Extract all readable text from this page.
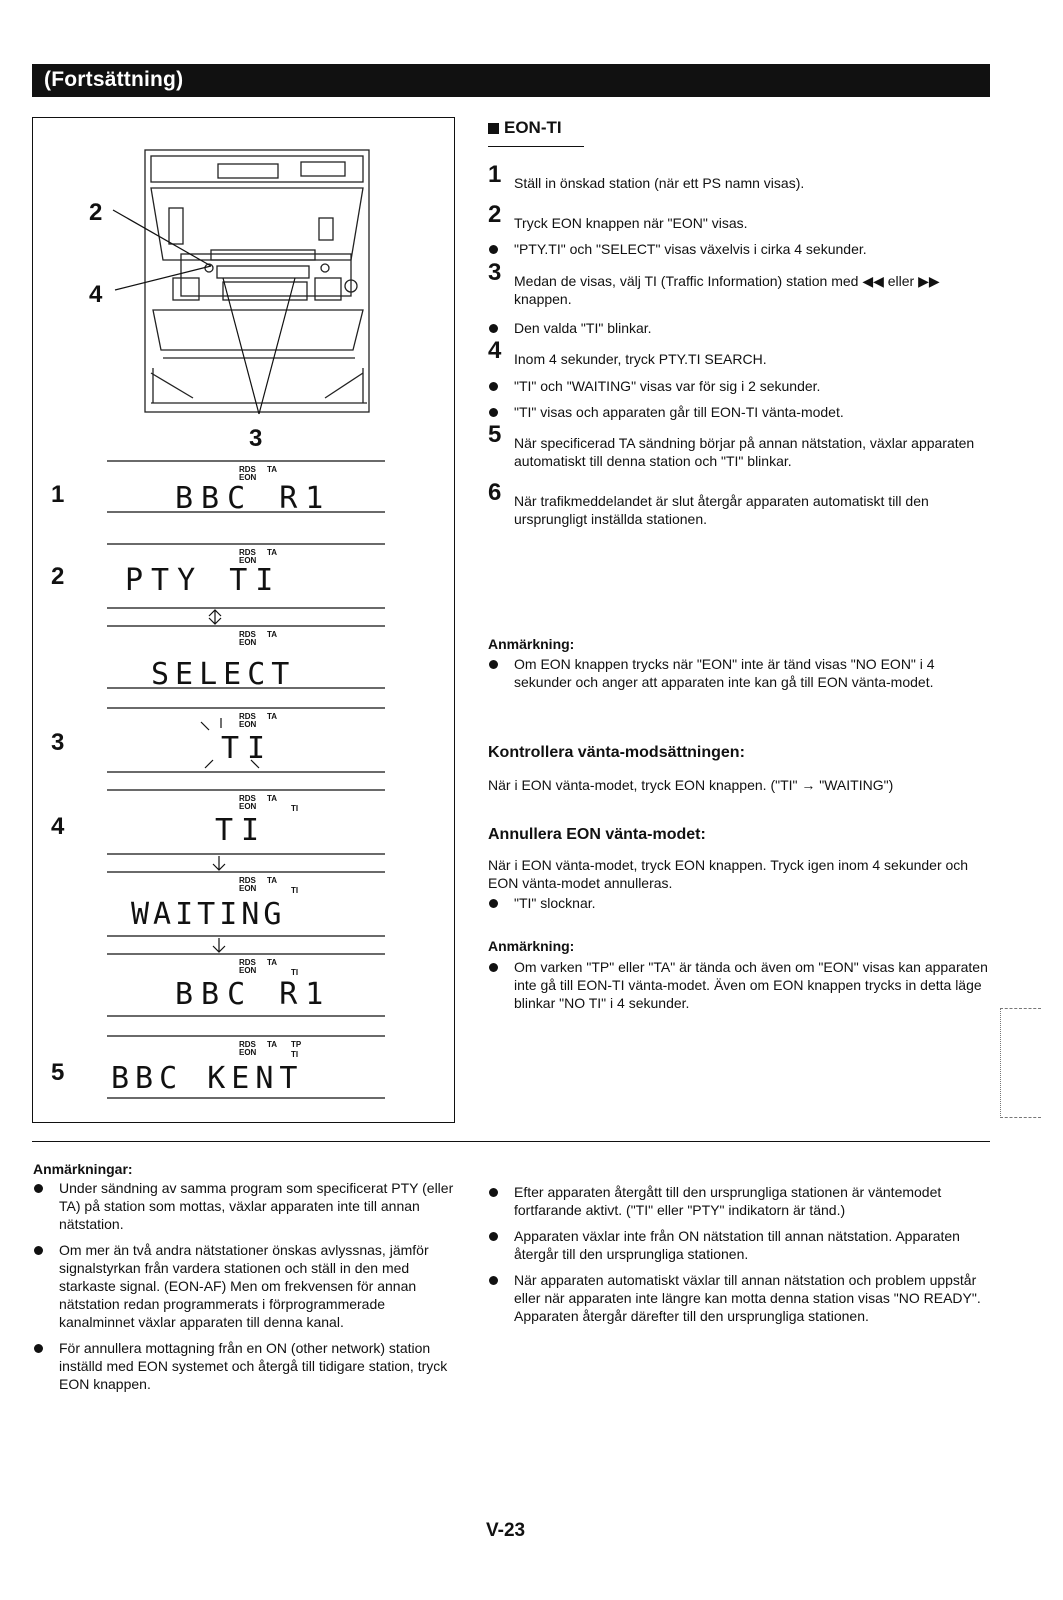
(Fortsättning)
2
4
3
1
2
3
4
5
RDS TA
EON
RDS TA
EON
RDS TA
EON
RDS TA
EON
RDS TA
EON	TI
RDS TA
EON	TI
RDS TA
EON	TI
RDS TA
EON
TP
TI
BBC R1
PTY TI
SELECT
TI
TI
WAITING
BBC R1
BBC KENT
EON-TI
1 Ställ in önskad station (när ett PS namn visas).
2 Tryck EON knappen när "EON" visas.
"PTY.TI" och "SELECT" visas växelvis i cirka 4 sekunder.
3 Medan de visas, välj TI (Traffic Information) station med ◀◀ eller ▶▶ knappen.
Den valda "TI" blinkar.
4 Inom 4 sekunder, tryck PTY.TI SEARCH.
"TI" och "WAITING" visas var för sig i 2 sekunder.
"TI" visas och apparaten går till EON-TI vänta-modet.
5 När specificerad TA sändning börjar på annan nätstation, växlar apparaten automatiskt till denna station och "TI" blinkar.
6 När trafikmeddelandet är slut återgår apparaten automatiskt till den ursprungligt inställda stationen.
Anmärkning:
Om EON knappen trycks när "EON" inte är tänd visas "NO EON" i 4 sekunder och anger att apparaten inte kan gå till EON vänta-modet.
Kontrollera vänta-modsättningen:
När i EON vänta-modet, tryck EON knappen. ("TI" → "WAITING")
Annullera EON vänta-modet:
När i EON vänta-modet, tryck EON knappen. Tryck igen inom 4 sekunder och EON vänta-modet annulleras.
"TI" slocknar.
Anmärkning:
Om varken "TP" eller "TA" är tända och även om "EON" visas kan apparaten inte gå till EON-TI vänta-modet. Även om EON knappen trycks in detta läge blinkar "NO TI" i 4 sekunder.
Anmärkningar:
Under sändning av samma program som specificerat PTY (eller TA) på station som mottas, växlar apparaten inte till annan nätstation.
Om mer än två andra nätstationer önskas avlyssnas, jämför signalstyrkan från vardera stationen och ställ in den med starkaste signal. (EON-AF) Men om frekvensen för annan nätstation redan programmerats i förprogrammerade kanalminnet växlar apparaten till denna kanal.
För annullera mottagning från en ON (other network) station inställd med EON systemet och återgå till tidigare station, tryck EON knappen.
Efter apparaten återgått till den ursprungliga stationen är väntemodet fortfarande aktivt. ("TI" eller "PTY" indikatorn är tänd.)
Apparaten växlar inte från ON nätstation till annan nätstation. Apparaten återgår till den ursprungliga stationen.
När apparaten automatiskt växlar till annan nätstation och problem uppstår eller när apparaten inte längre kan motta denna station visas "NO READY". Apparaten återgår därefter till den ursprungliga stationen.
V-23
